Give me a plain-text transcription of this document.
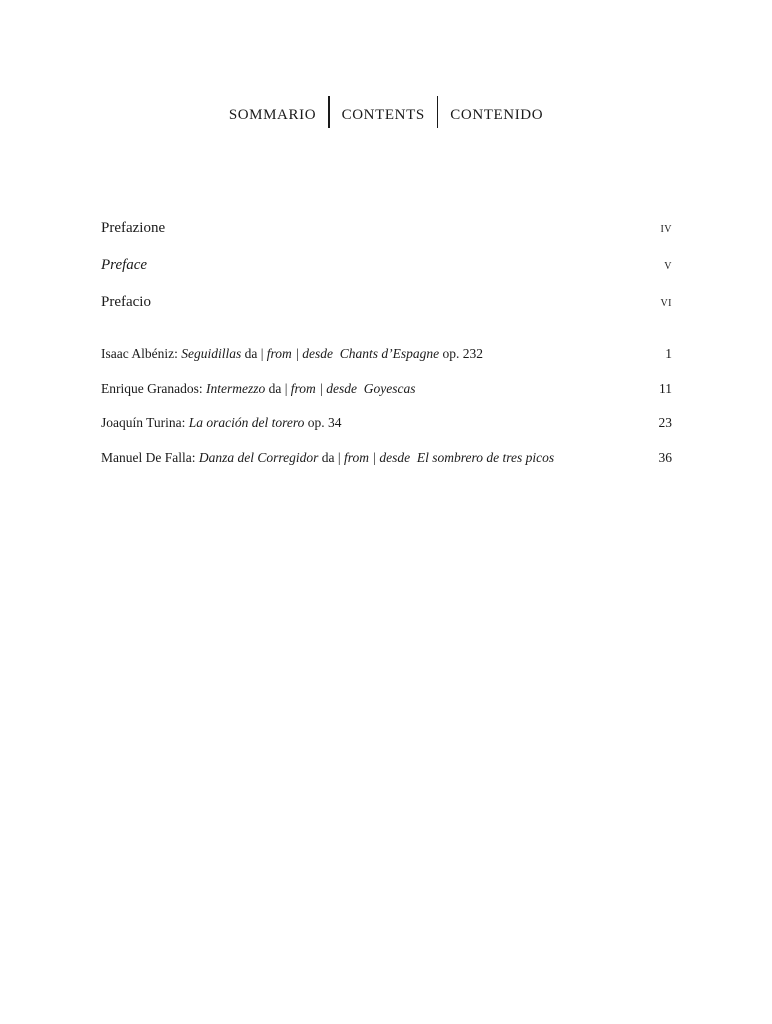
sommario contents contenido
Prefazione	iv
Preface	v
Prefacio	vi
Isaac Albéniz: Seguidillas da | from | desde Chants d’Espagne op. 232	1
Enrique Granados: Intermezzo da | from | desde Goyescas	11
Joaquín Turina: La oración del torero op. 34	23
Manuel De Falla: Danza del Corregidor da | from | desde El sombrero de tres picos	36
